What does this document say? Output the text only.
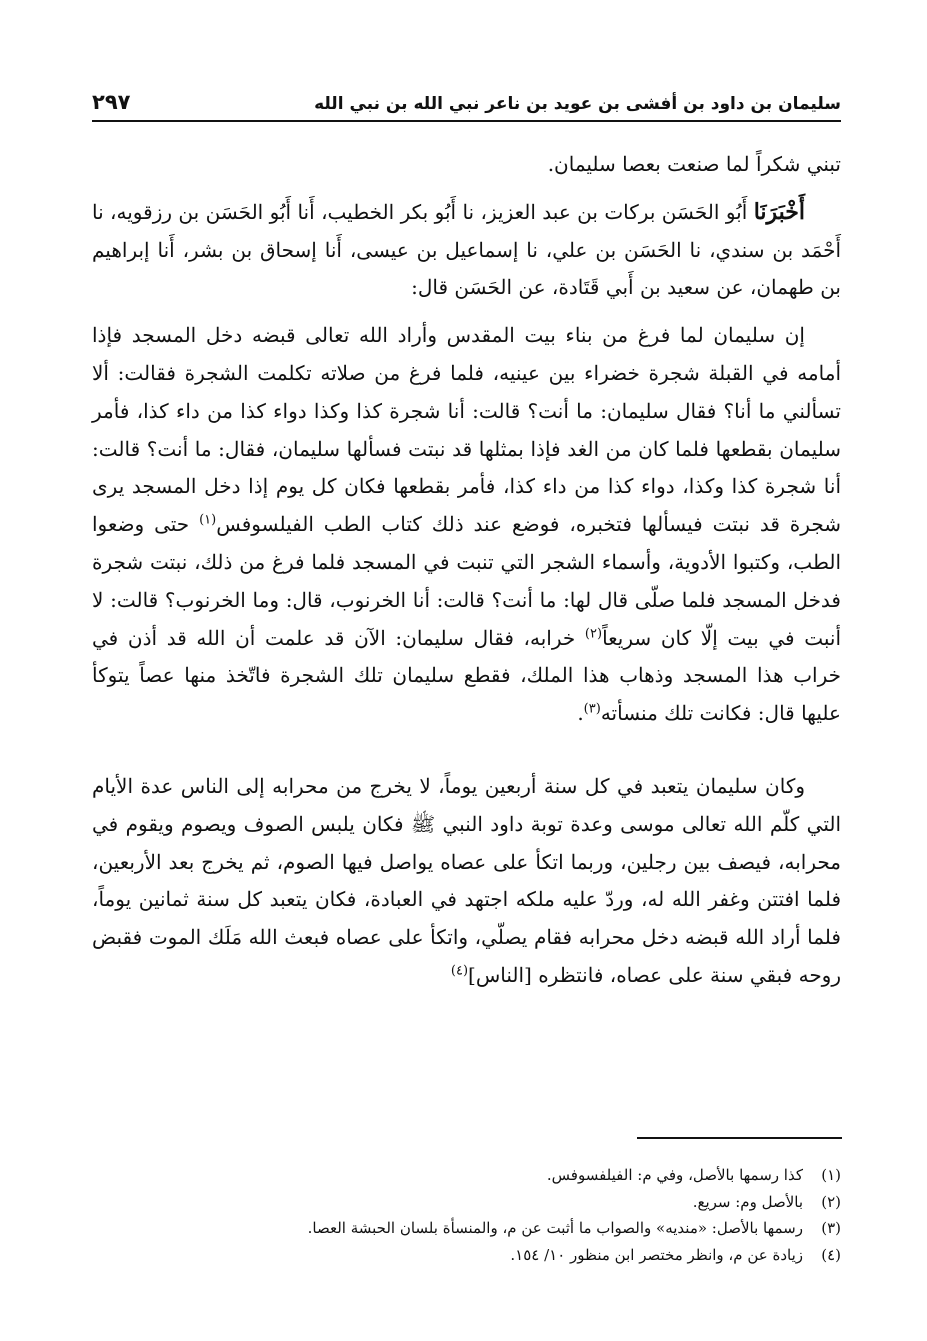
سليمان بن داود بن أفشى بن عويد بن ناعر نبي الله بن نبي الله
٢٩٧

تبني شكراً لما صنعت بعصا سليمان.

أَخْبَرَنَا أَبُو الحَسَن بركات بن عبد العزيز، نا أَبُو بكر الخطيب، أَنا أَبُو الحَسَن بن رزقويه، نا أَحْمَد بن سندي، نا الحَسَن بن علي، نا إسماعيل بن عيسى، أَنا إسحاق بن بشر، أَنا إبراهيم بن طهمان، عن سعيد بن أَبي قَتَادة، عن الحَسَن قال:

إن سليمان لما فرغ من بناء بيت المقدس وأراد الله تعالى قبضه دخل المسجد فإذا أمامه في القبلة شجرة خضراء بين عينيه، فلما فرغ من صلاته تكلمت الشجرة فقالت: ألا تسألني ما أنا؟ فقال سليمان: ما أنت؟ قالت: أنا شجرة كذا وكذا دواء كذا من داء كذا، فأمر سليمان بقطعها فلما كان من الغد فإذا بمثلها قد نبتت فسألها سليمان، فقال: ما أنت؟ قالت: أنا شجرة كذا وكذا، دواء كذا من داء كذا، فأمر بقطعها فكان كل يوم إذا دخل المسجد يرى شجرة قد نبتت فيسألها فتخبره، فوضع عند ذلك كتاب الطب الفيلسوفس$^{(١)}$ حتى وضعوا الطب، وكتبوا الأدوية، وأسماء الشجر التي تنبت في المسجد فلما فرغ من ذلك، نبتت شجرة فدخل المسجد فلما صلّى قال لها: ما أنت؟ قالت: أنا الخرنوب، قال: وما الخرنوب؟ قالت: لا أنبت في بيت إلّا كان سريعاً$^{(٢)}$ خرابه، فقال سليمان: الآن قد علمت أن الله قد أذن في خراب هذا المسجد وذهاب هذا الملك، فقطع سليمان تلك الشجرة فاتّخذ منها عصاً يتوكأ عليها قال: فكانت تلك منسأته$^{(٣)}$.

وكان سليمان يتعبد في كل سنة أربعين يوماً، لا يخرج من محرابه إلى الناس عدة الأيام التي كلّم الله تعالى موسى وعدة توبة داود النبي ﷺ فكان يلبس الصوف ويصوم ويقوم في محرابه، فيصف بين رجلين، وربما اتكأ على عصاه يواصل فيها الصوم، ثم يخرج بعد الأربعين، فلما افتتن وغفر الله له، وردّ عليه ملكه اجتهد في العبادة، فكان يتعبد كل سنة ثمانين يوماً، فلما أراد الله قبضه دخل محرابه فقام يصلّي، واتكأ على عصاه فبعث الله مَلَك الموت فقبض روحه فبقي سنة على عصاه، فانتظره [الناس]$^{(٤)}$

(١)
كذا رسمها بالأصل، وفي م: الفيلفسوفس.
(٢)
بالأصل وم: سريع.
(٣)
رسمها بالأصل: «منديه» والصواب ما أثبت عن م، والمنسأة بلسان الحبشة العصا.
(٤)
زيادة عن م، وانظر مختصر ابن منظور ١٠/ ١٥٤.
